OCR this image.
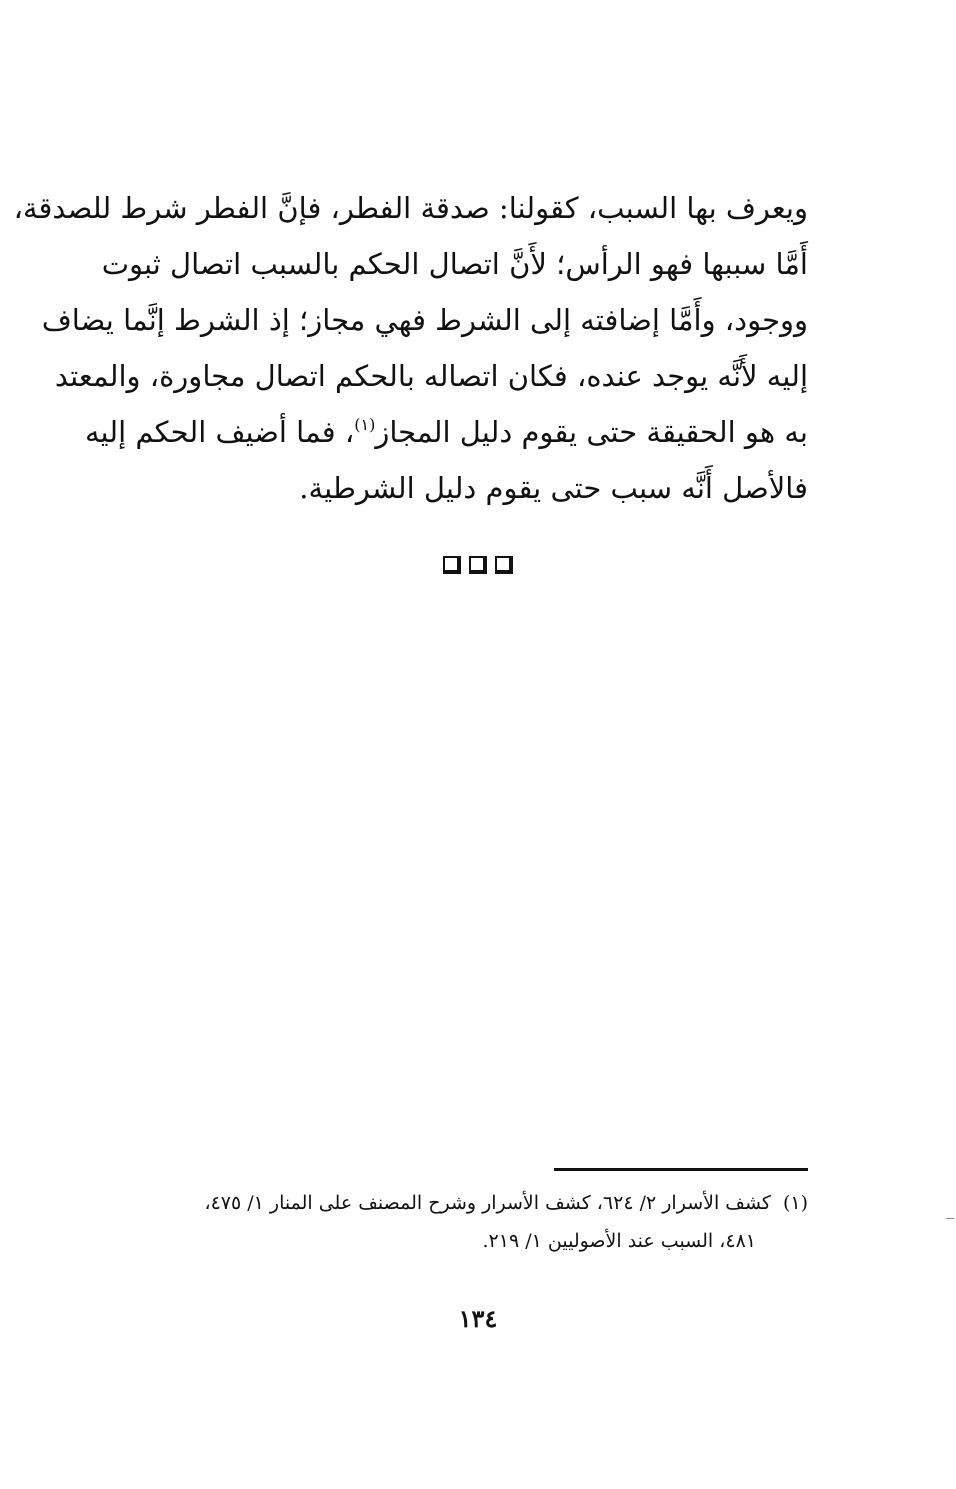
ويعرف بها السبب، كقولنا: صدقة الفطر، فإنَّ الفطر شرط للصدقة،
أَمَّا سببها فهو الرأس؛ لأَنَّ اتصال الحكم بالسبب اتصال ثبوت
ووجود، وأَمَّا إضافته إلى الشرط فهي مجاز؛ إذ الشرط إنَّما يضاف
إليه لأَنَّه يوجد عنده، فكان اتصاله بالحكم اتصال مجاورة، والمعتد
به هو الحقيقة حتى يقوم دليل المجاز$^{(١)}$، فما أضيف الحكم إليه
فالأصل أَنَّه سبب حتى يقوم دليل الشرطية.
(١)كشف الأسرار ٢/ ٦٢٤، كشف الأسرار وشرح المصنف على المنار ١/ ٤٧٥،
٤٨١، السبب عند الأصوليين ١/ ٢١٩.
١٣٤
